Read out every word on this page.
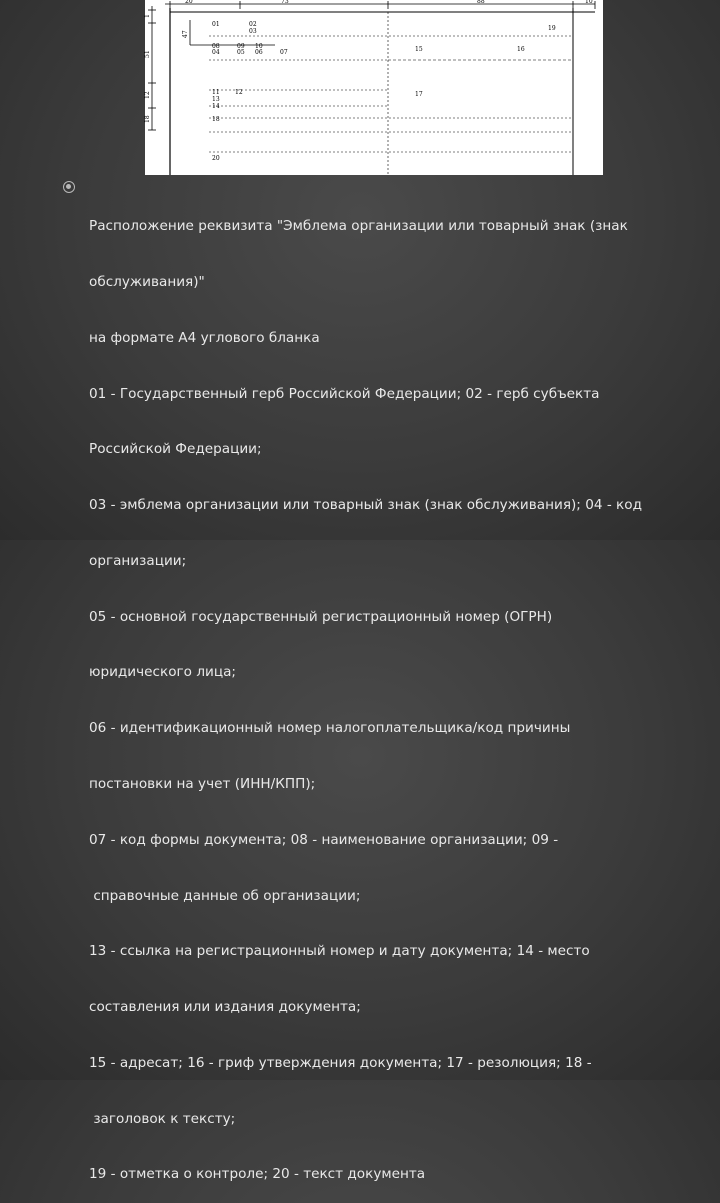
20	73	88	10
1
47
51
12
18
01	02
03
08
04
09
05
10
06	07
11	12
13
14
15	16
17
18
19
20

Расположение реквизита "Эмблема организации или товарный знак (знак

обслуживания)"

на формате А4 углового бланка

01 - Государственный герб Российской Федерации; 02 - герб субъекта

Российской Федерации;

03 - эмблема организации или товарный знак (знак обслуживания); 04 - код

организации;

05 - основной государственный регистрационный номер (ОГРН)

юридического лица;

06 - идентификационный номер налогоплательщика/код причины

постановки на учет (ИНН/КПП);

07 - код формы документа; 08 - наименование организации; 09 -

справочные данные об организации;

13 - ссылка на регистрационный номер и дату документа; 14 - место

составления или издания документа;

15 - адресат; 16 - гриф утверждения документа; 17 - резолюция; 18 -

заголовок к тексту;

19 - отметка о контроле; 20 - текст документа
